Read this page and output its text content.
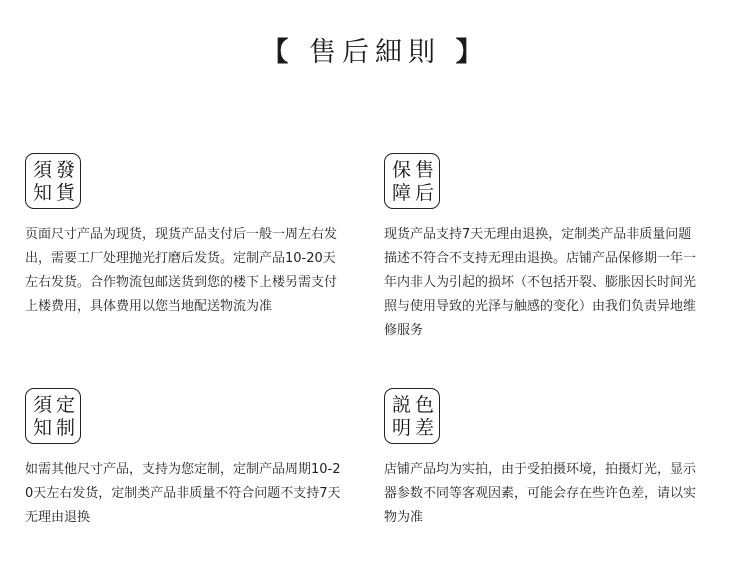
【 售后細則 】
須 發
知 貨
页面尺寸产品为现货，现货产品支付后一般一周左右发出，需要工厂处理抛光打磨后发货。定制产品10-20天左右发货。合作物流包邮送货到您的楼下上楼另需支付上楼费用，具体费用以您当地配送物流为准
保 售
障 后
现货产品支持7天无理由退换，定制类产品非质量问题描述不符合不支持无理由退换。店铺产品保修期一年一年内非人为引起的损坏（不包括开裂、膨胀因长时间光照与使用导致的光泽与触感的变化）由我们负责异地维修服务
須 定
知 制
如需其他尺寸产品，支持为您定制，定制产品周期10-20天左右发货，定制类产品非质量不符合问题不支持7天无理由退换
説 色
明 差
店铺产品均为实拍，由于受拍摄环境，拍摄灯光，显示器参数不同等客观因素，可能会存在些许色差，请以实物为准
